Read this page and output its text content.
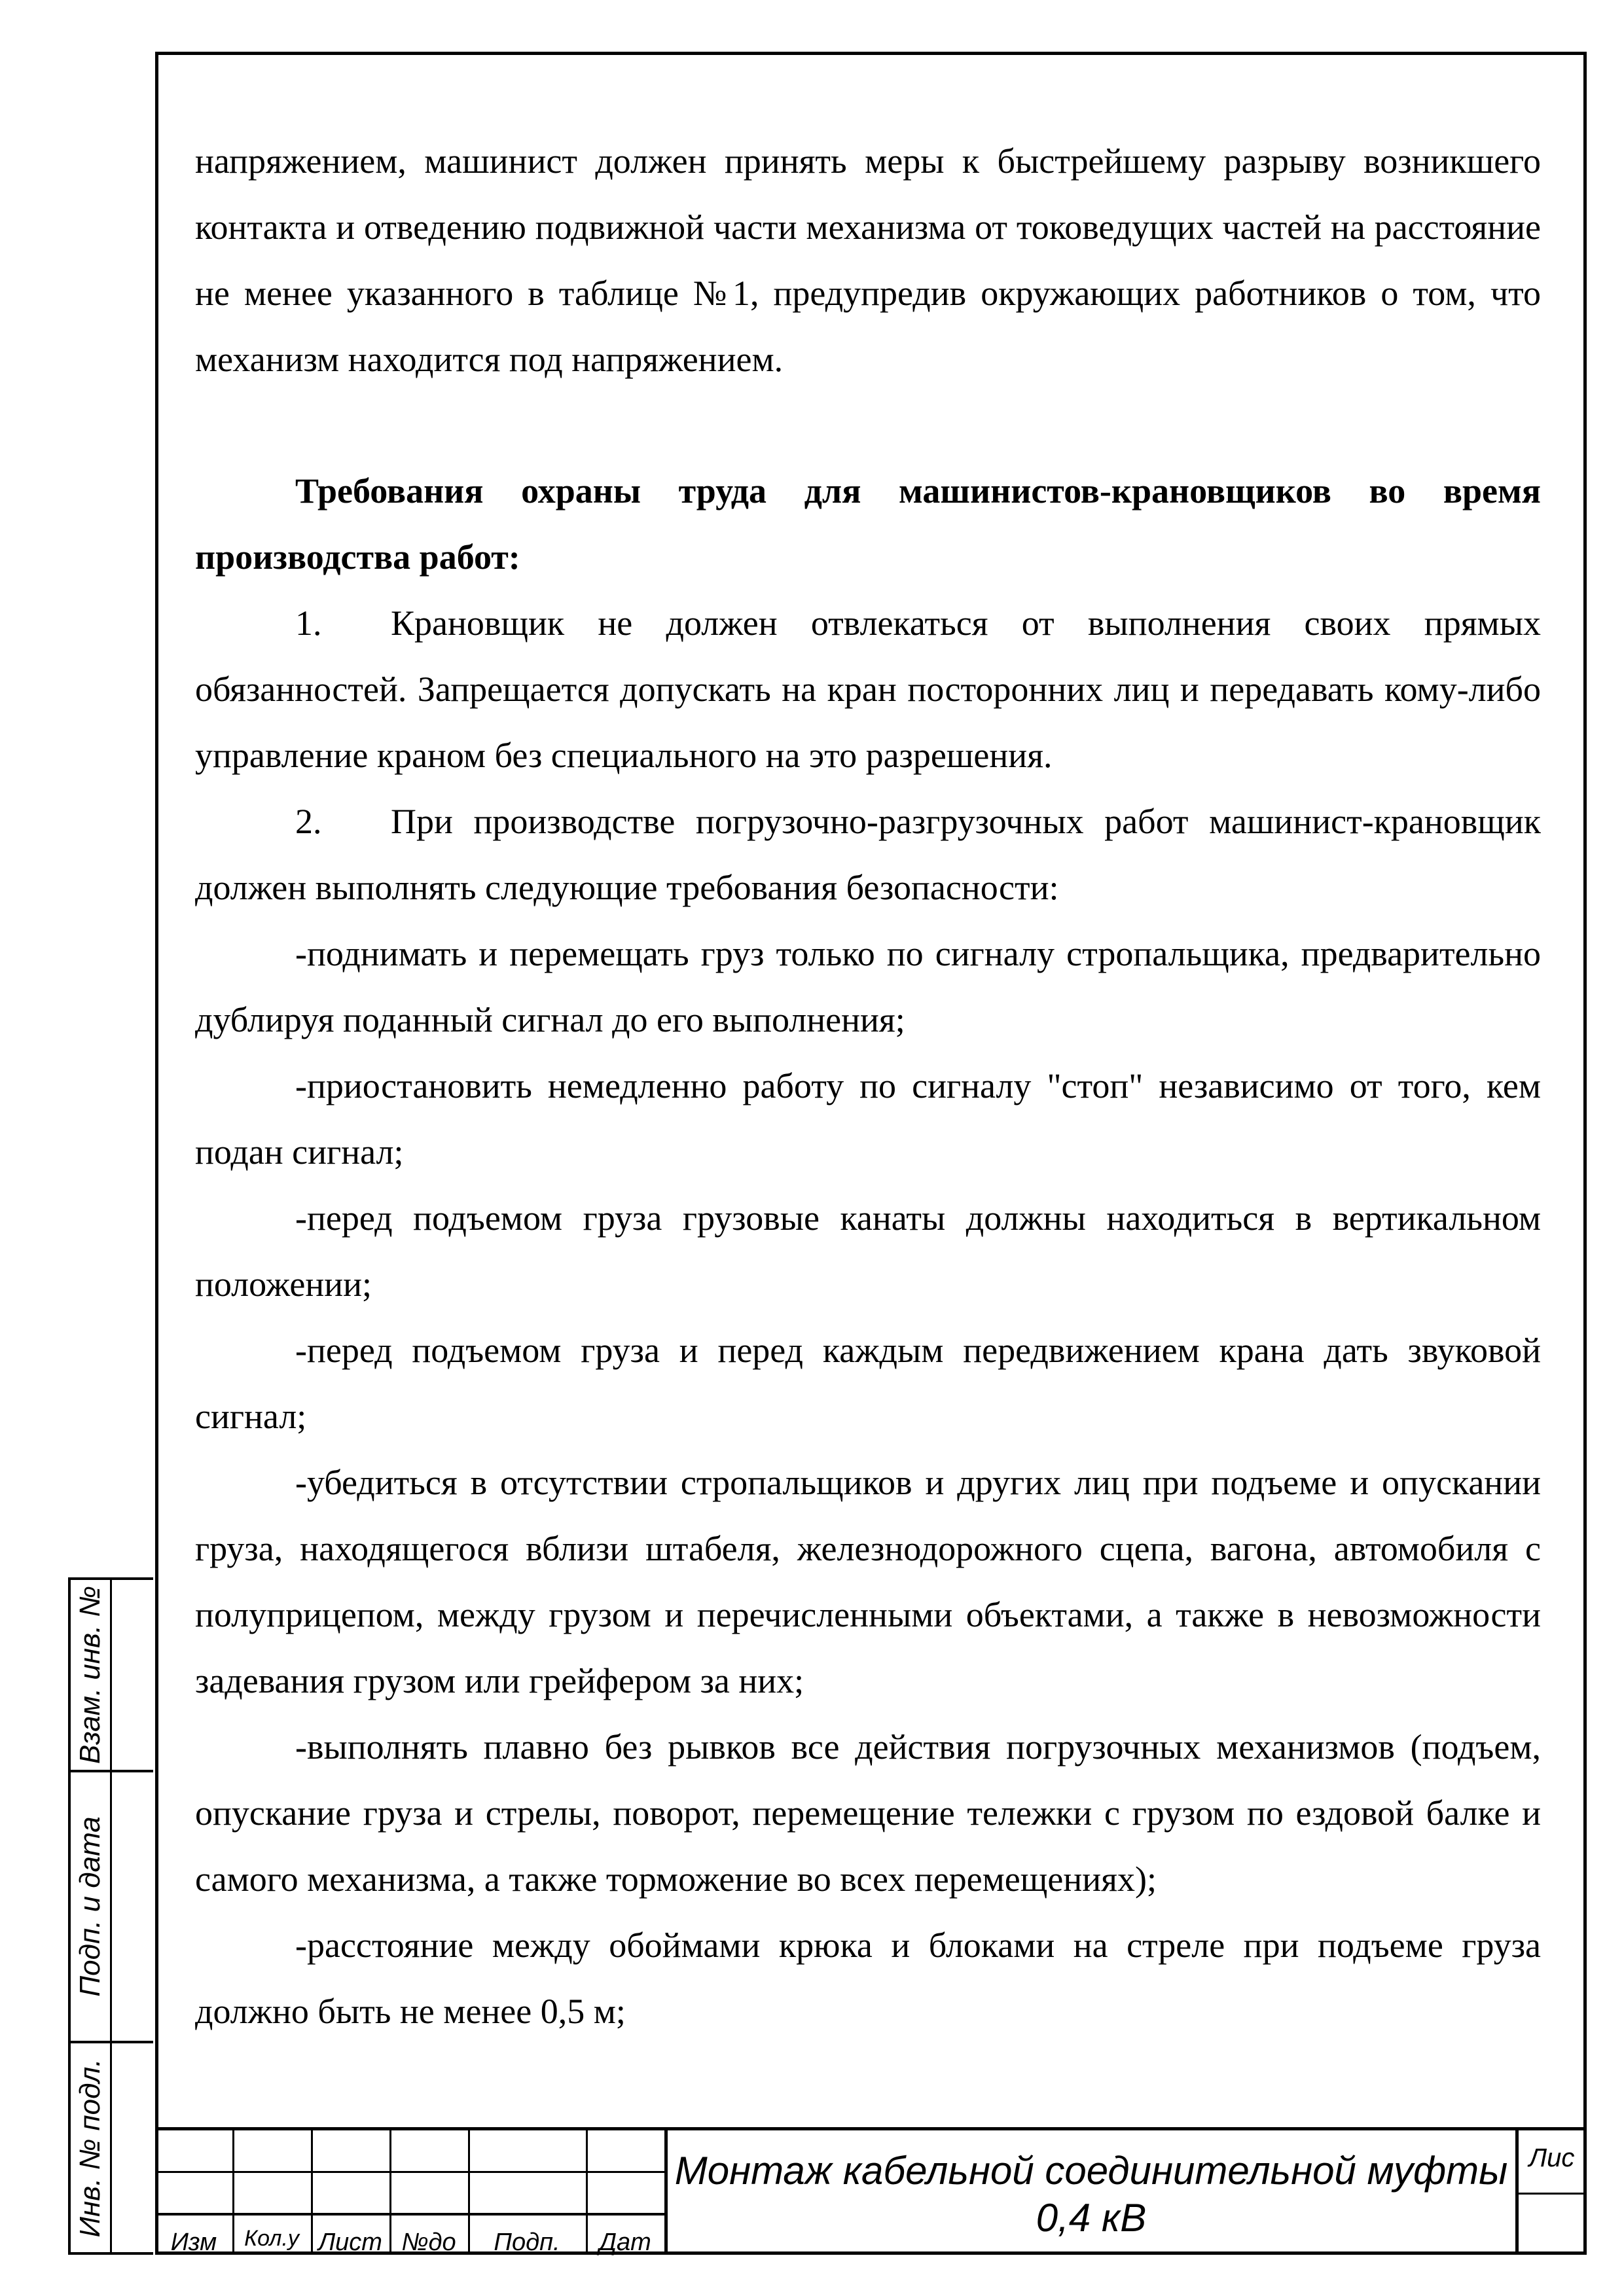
напряжением, машинист должен принять меры к быстрейшему разрыву возникшего контакта и отведению подвижной части механизма от токоведущих частей на расстояние не менее указанного в таблице №1, предупредив окружающих работников о том, что механизм находится под напряжением.

Требования охраны труда для машинистов-крановщиков во время производства работ:

1. Крановщик не должен отвлекаться от выполнения своих прямых обязанностей. Запрещается допускать на кран посторонних лиц и передавать кому-либо управление краном без специального на это разрешения.

2. При производстве погрузочно-разгрузочных работ машинист-крановщик должен выполнять следующие требования безопасности:

-поднимать и перемещать груз только по сигналу стропальщика, предварительно дублируя поданный сигнал до его выполнения;

-приостановить немедленно работу по сигналу "стоп" независимо от того, кем подан сигнал;

-перед подъемом груза грузовые канаты должны находиться в вертикальном положении;

-перед подъемом груза и перед каждым передвижением крана дать звуковой сигнал;

-убедиться в отсутствии стропальщиков и других лиц при подъеме и опускании груза, находящегося вблизи штабеля, железнодорожного сцепа, вагона, автомобиля с полуприцепом, между грузом и перечисленными объектами, а также в невозможности задевания грузом или грейфером за них;

-выполнять плавно без рывков все действия погрузочных механизмов (подъем, опускание груза и стрелы, поворот, перемещение тележки с грузом по ездовой балке и самого механизма, а также торможение во всех перемещениях);

-расстояние между обоймами крюка и блоками на стреле при подъеме груза должно быть не менее 0,5 м;

Взам. инв. №
Подп. и дата
Инв. № подл.
Изм	Кол.у Лист №до	Подп.	Дат
Монтаж кабельной соединительной муфты
0,4 кВ
Лис
